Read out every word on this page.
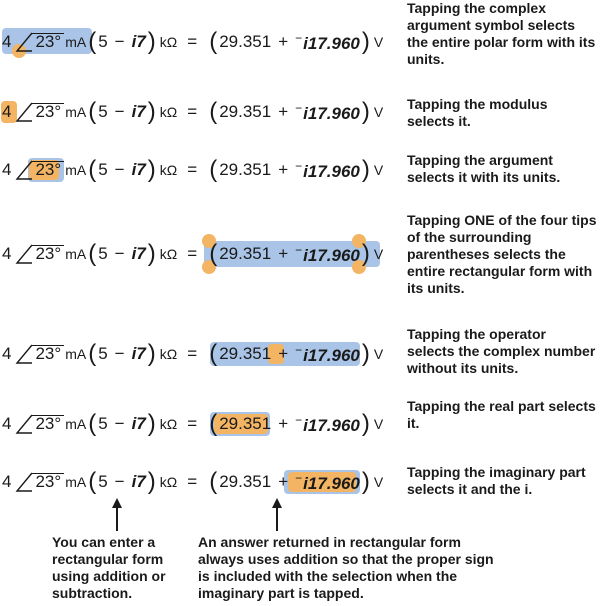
4 23° mA ( 5 − i7 ) kΩ = ( 29.351 + −i17.960 ) V
Tapping the complex argument symbol selects the entire polar form with its units.
4 23° mA ( 5 − i7 ) kΩ = ( 29.351 + −i17.960 ) V Tapping the modulus selects it.
4 23° mA ( 5 − i7 ) kΩ = ( 29.351 + −i17.960 ) V
Tapping the argument selects it with its units.
4 23° mA ( 5 − i7 ) kΩ = ( 29.351 + −i17.960 ) V
Tapping ONE of the four tips of the surrounding parentheses selects the entire rectangular form with its units.
4 23° mA ( 5 − i7 ) kΩ = ( 29.351 + −i17.960 ) V
Tapping the operator selects the complex number without its units.
4 23° mA ( 5 − i7 ) kΩ = ( 29.351 + −i17.960 ) V
Tapping the real part selects it.
4 23° mA ( 5 − i7 ) kΩ = ( 29.351 + −i17.960 ) V
Tapping the imaginary part selects it and the i.
You can enter a rectangular form using addition or subtraction.
An answer returned in rectangular form always uses addition so that the proper sign is included with the selection when the imaginary part is tapped.
